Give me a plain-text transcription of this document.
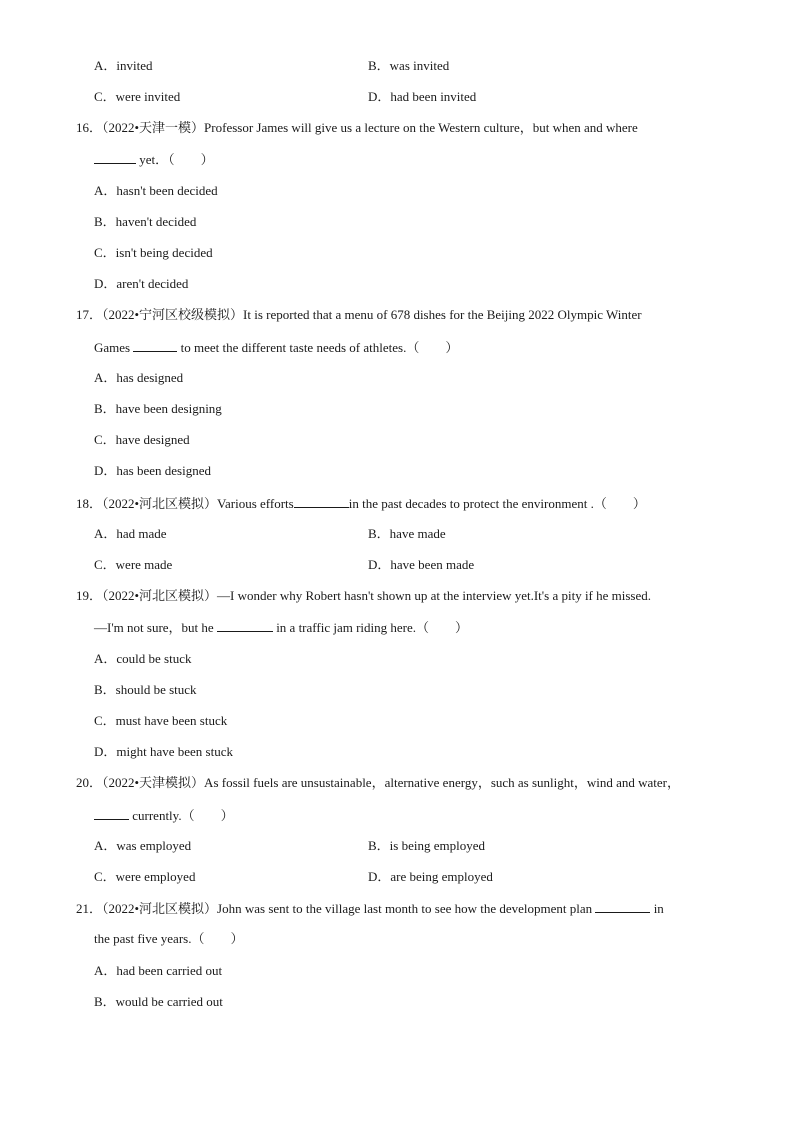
A．invited	B．was invited
C．were invited	D．had been invited
16．（2022•天津一模）Professor James will give us a lecture on the Western culture，but when and where
yet．（　　）
A．hasn't been decided
B．haven't decided
C．isn't being decided
D．aren't decided
17．（2022•宁河区校级模拟）It is reported that a menu of 678 dishes for the Beijing 2022 Olympic Winter
Games	to meet the different taste needs of athletes.（　　）
A．has designed
B．have been designing
C．have designed
D．has been designed
18．（2022•河北区模拟）Various efforts	in the past decades to protect the environment .（　　）
A．had made	B．have made
C．were made	D．have been made
19．（2022•河北区模拟）—I wonder why Robert hasn't shown up at the interview yet.It's a pity if he missed.
—I'm not sure，but he	in a traffic jam riding here.（　　）
A．could be stuck
B．should be stuck
C．must have been stuck
D．might have been stuck
20．（2022•天津模拟）As fossil fuels are unsustainable，alternative energy，such as sunlight，wind and water，
currently.（　　）
A．was employed	B．is being employed
C．were employed	D．are being employed
21．（2022•河北区模拟）John was sent to the village last month to see how the development plan	in
the past five years.（　　）
A．had been carried out
B．would be carried out
